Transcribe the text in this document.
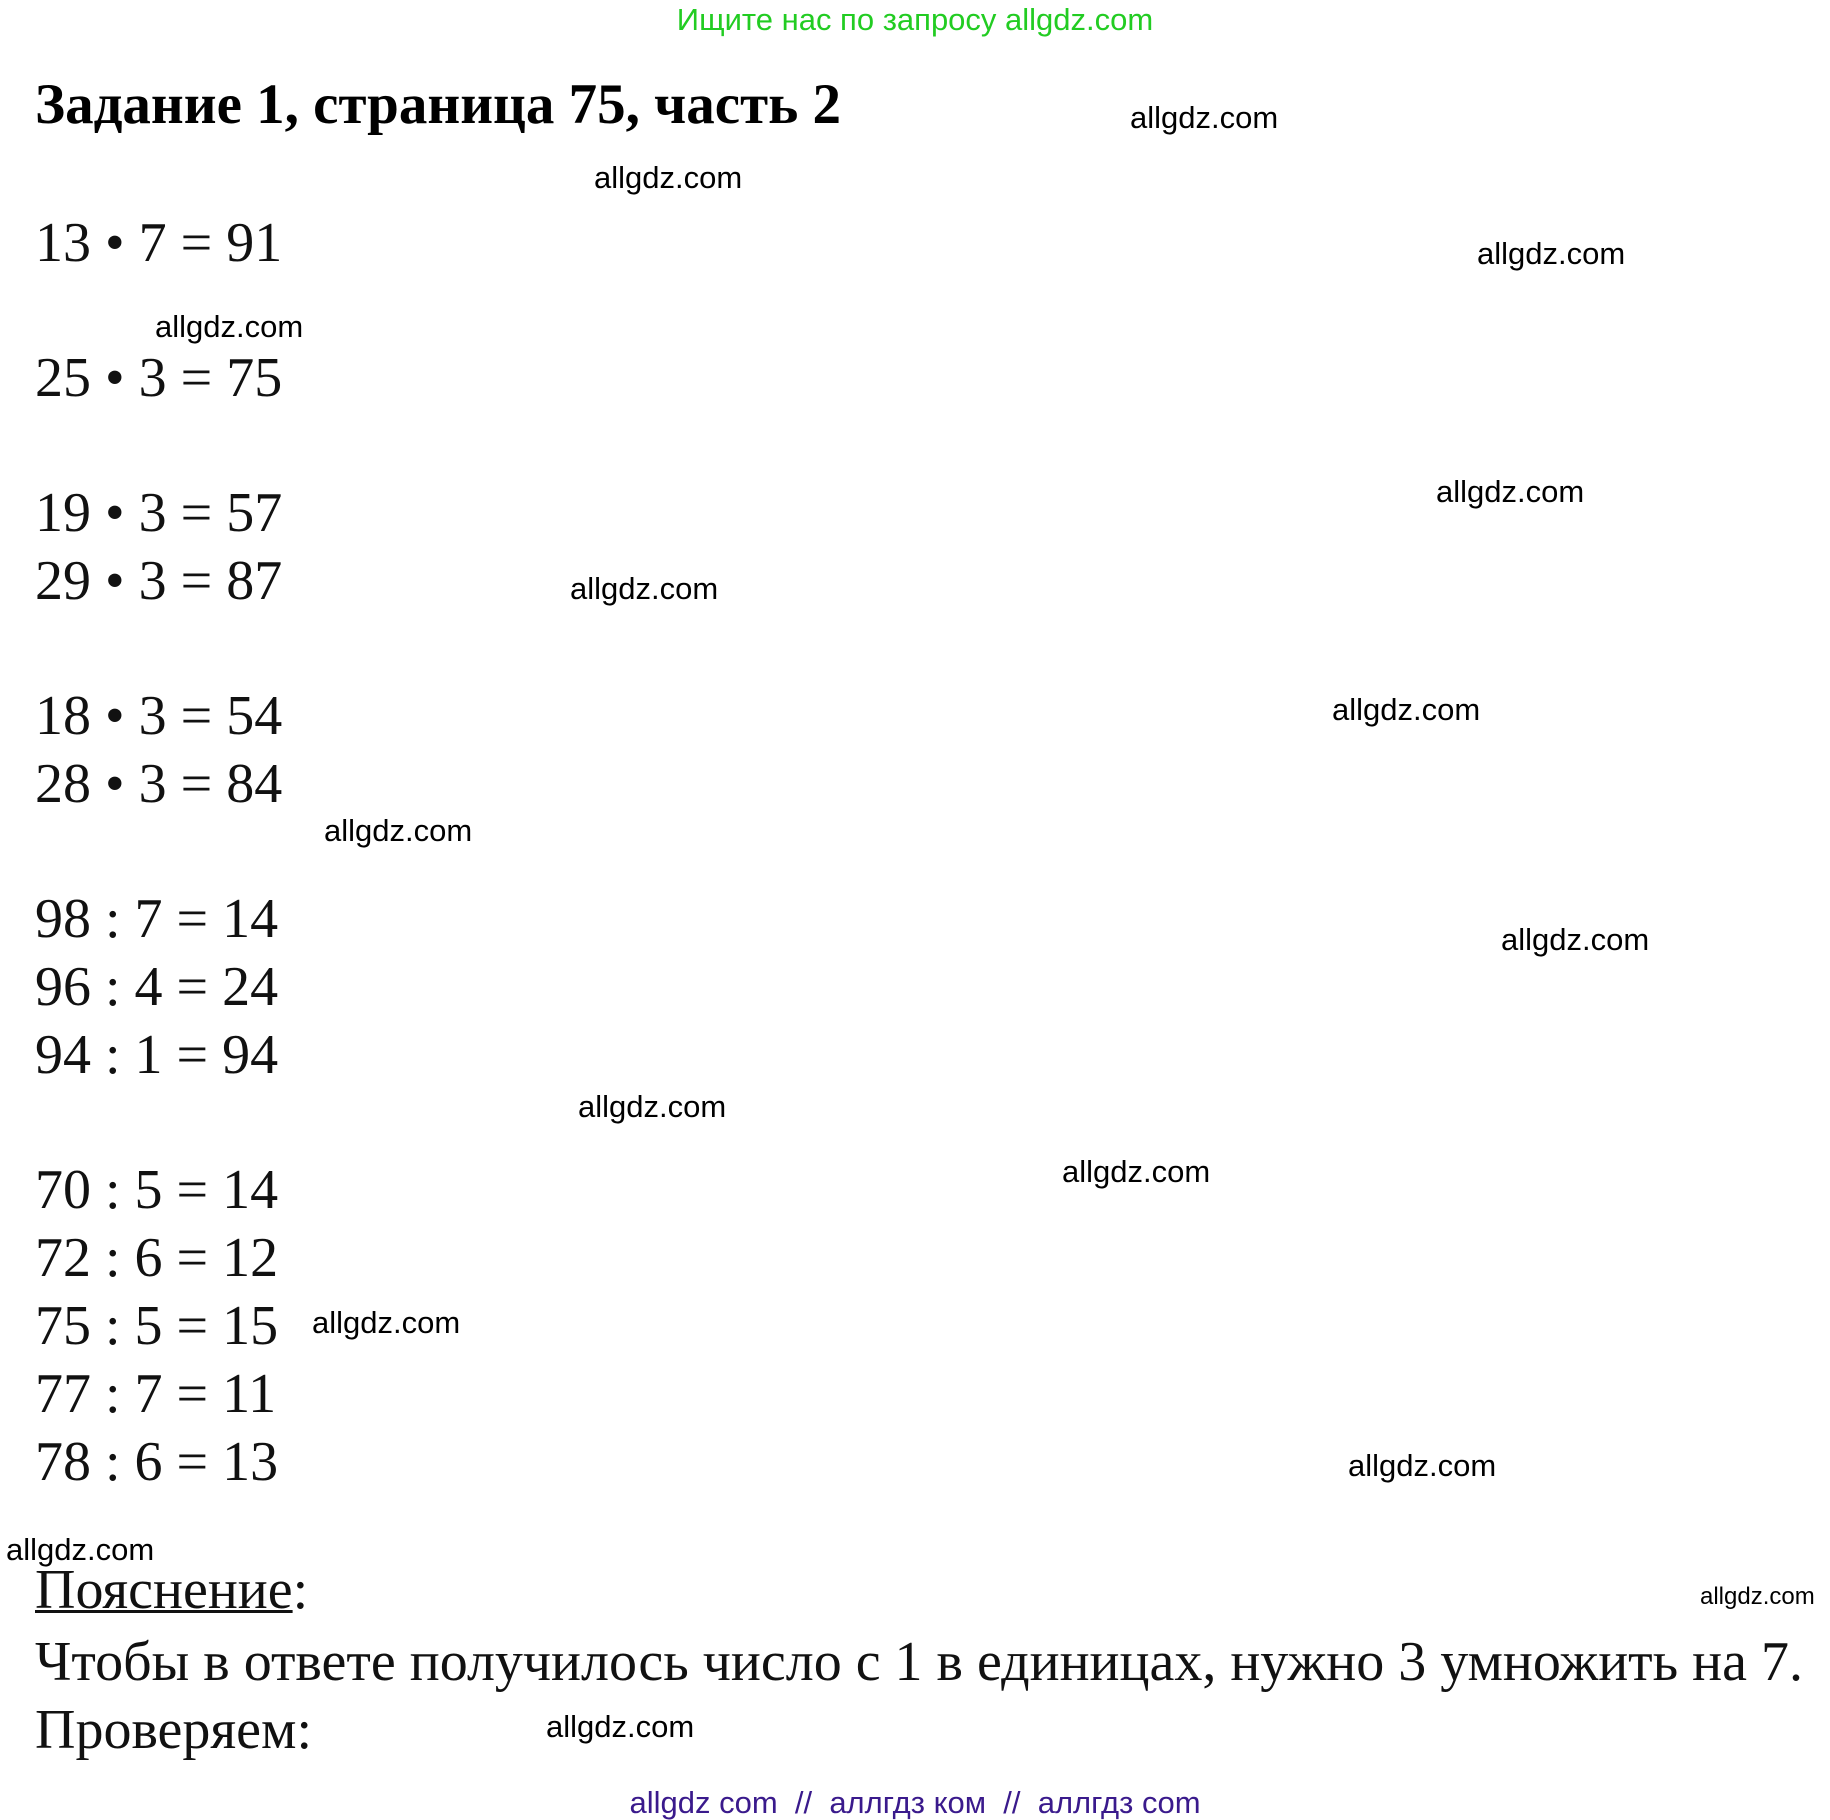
Ищите нас по запросу allgdz.com
Задание 1, страница 75, часть 2
13 • 7 = 91
25 • 3 = 75
19 • 3 = 57
29 • 3 = 87
18 • 3 = 54
28 • 3 = 84
98 : 7 = 14
96 : 4 = 24
94 : 1 = 94
70 : 5 = 14
72 : 6 = 12
75 : 5 = 15
77 : 7 = 11
78 : 6 = 13
allgdz.com
allgdz.com
allgdz.com
allgdz.com
allgdz.com
allgdz.com
allgdz.com
allgdz.com
allgdz.com
allgdz.com
allgdz.com
allgdz.com
allgdz.com
allgdz.com
allgdz.com
allgdz.com
Пояснение:
Чтобы в ответе получилось число с 1 в единицах, нужно 3 умножить на 7. Проверяем:
allgdz com  //  аллгдз ком  //  аллгдз com
